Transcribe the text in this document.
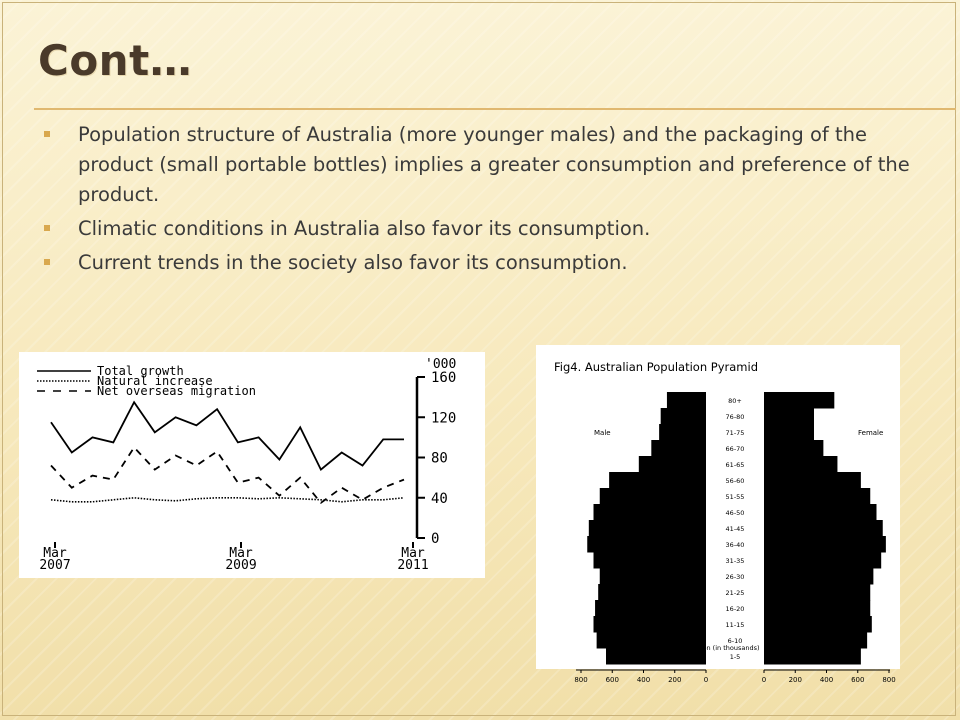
Cont…
Population structure of Australia (more younger males) and the packaging of the product (small portable bottles) implies a greater consumption and preference of the product.
Climatic conditions in Australia also favor its consumption.
Current trends in the society also favor its consumption.
Total growth
Natural increase
Net overseas migration
'000
0
40
80
120
160
Mar
2007
Mar
2009
Mar
2011
Fig4. Australian Population Pyramid
Male	Female
80+
76-80
71-75
66-70
61-65
56-60
51-55
46-50
41-45
36-40
31-35
26-30
21-25
16-20
11-15
6-10
1-5
800	600	400	200	0	0	200	400	600	800
Population (in thousands)
